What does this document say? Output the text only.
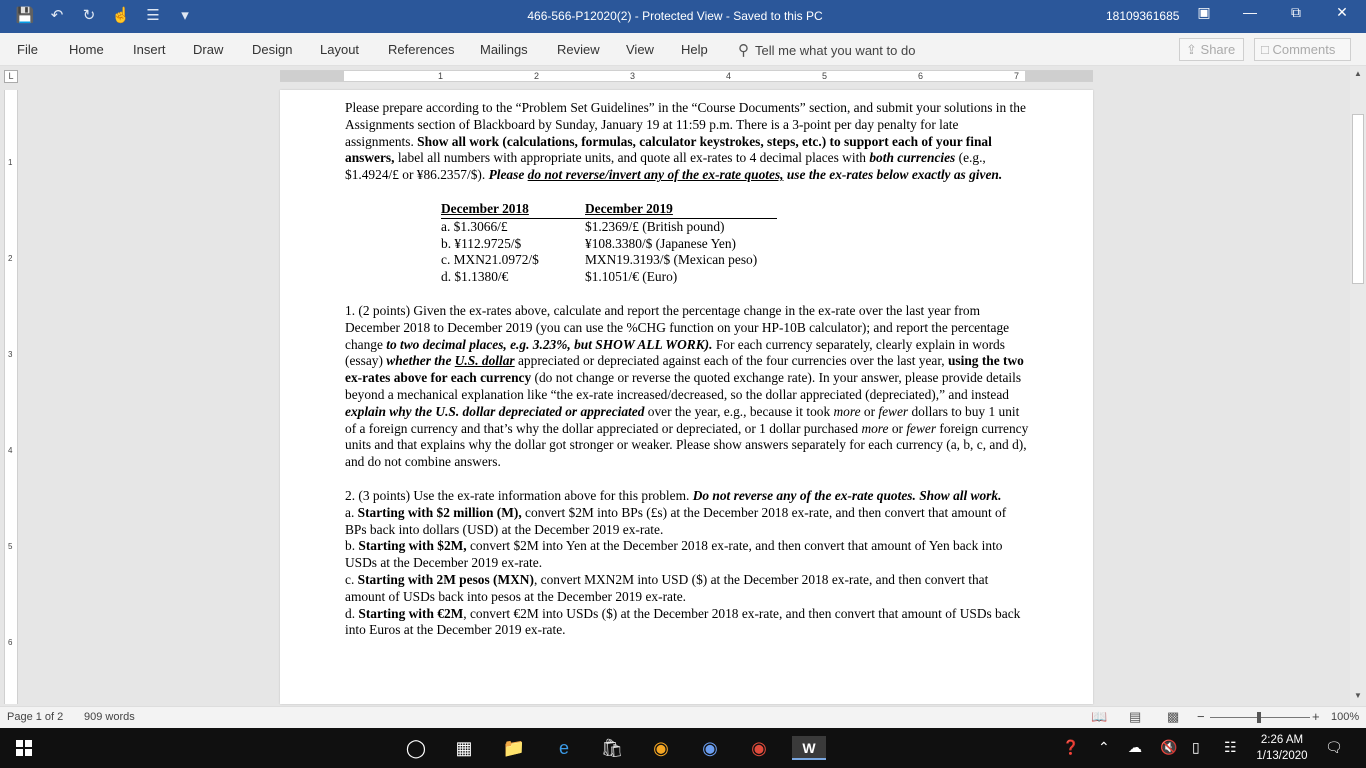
💾	↶	↻	☝ ☰	▾	466-566-P12020(2) - Protected View - Saved to this PC	18109361685	▣	—	⧉	✕
File Home Insert Draw Design Layout References Mailings Review View Help ⚲ Tell me what you want to do	⇪ Share	□ Comments
L	1	2	3	4	5	6	7
1
2
3
4
5
6

Please prepare according to the “Problem Set Guidelines” in the “Course Documents” section, and submit your solutions in the Assignments section of Blackboard by Sunday, January 19 at 11:59 p.m. There is a 3-point per day penalty for late assignments. Show all work (calculations, formulas, calculator keystrokes, steps, etc.) to support each of your final answers, label all numbers with appropriate units, and quote all ex-rates to 4 decimal places with both currencies (e.g., $1.4924/£ or ¥86.2357/$). Please do not reverse/invert any of the ex-rate quotes, use the ex-rates below exactly as given.

December 2018	December 2019
a. $1.3066/£	$1.2369/£ (British pound)
b. ¥112.9725/$	¥108.3380/$ (Japanese Yen)
c. MXN21.0972/$	MXN19.3193/$ (Mexican peso)
d. $1.1380/€	$1.1051/€ (Euro)

1. (2 points) Given the ex-rates above, calculate and report the percentage change in the ex-rate over the last year from December 2018 to December 2019 (you can use the %CHG function on your HP-10B calculator); and report the percentage change to two decimal places, e.g. 3.23%, but SHOW ALL WORK). For each currency separately, clearly explain in words (essay) whether the U.S. dollar appreciated or depreciated against each of the four currencies over the last year, using the two ex-rates above for each currency (do not change or reverse the quoted exchange rate). In your answer, please provide details beyond a mechanical explanation like “the ex-rate increased/decreased, so the dollar appreciated (depreciated),” and instead explain why the U.S. dollar depreciated or appreciated over the year, e.g., because it took more or fewer dollars to buy 1 unit of a foreign currency and that’s why the dollar appreciated or depreciated, or 1 dollar purchased more or fewer foreign currency units and that explains why the dollar got stronger or weaker. Please show answers separately for each currency (a, b, c, and d), and do not combine answers.

2. (3 points) Use the ex-rate information above for this problem. Do not reverse any of the ex-rate quotes. Show all work.

a. Starting with $2 million (M), convert $2M into BPs (£s) at the December 2018 ex-rate, and then convert that amount of BPs back into dollars (USD) at the December 2019 ex-rate.

b. Starting with $2M, convert $2M into Yen at the December 2018 ex-rate, and then convert that amount of Yen back into USDs at the December 2019 ex-rate.

c. Starting with 2M pesos (MXN), convert MXN2M into USD ($) at the December 2018 ex-rate, and then convert that amount of USDs back into pesos at the December 2019 ex-rate.

d. Starting with €2M, convert €2M into USDs ($) at the December 2018 ex-rate, and then convert that amount of USDs back into Euros at the December 2019 ex-rate.

▲
▼
Page 1 of 2 909 words	📖 ▤ ▩ −	+ 100%
◯ ▦ 📁	e	🛍 ◉ ◉ ◉	W	❓ ⌃ ☁ 🔇 ▯ ☷	2:26 AM
1/13/2020
🗨
